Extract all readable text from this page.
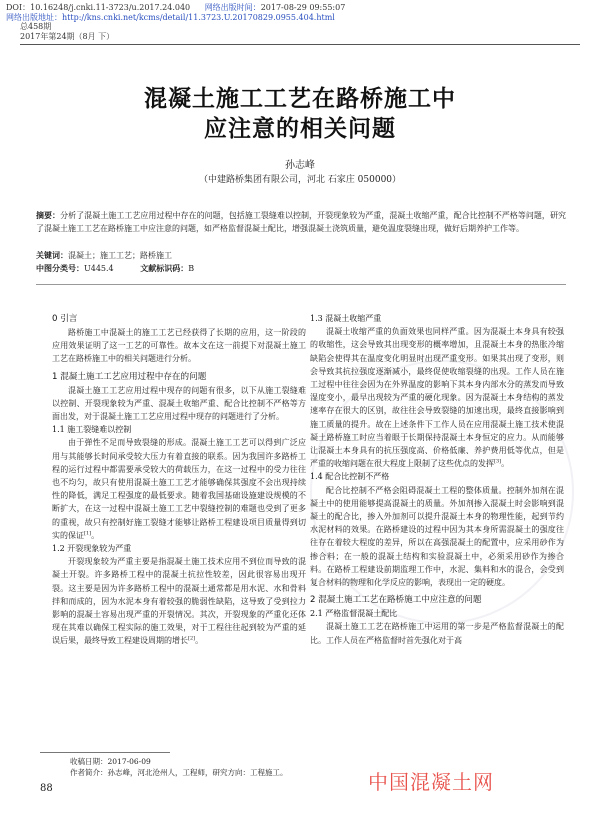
DOI：10.16248/j.cnki.11-3723/u.2017.24.040 网络出版时间：2017-08-29 09:55:07
网络出版地址：http://kns.cnki.net/kcms/detail/11.3723.U.20170829.0955.404.html
总458期
2017年第24期（8月 下）
混凝土施工工艺在路桥施工中
应注意的相关问题
孙志峰
（中建路桥集团有限公司，河北 石家庄 050000）
摘要：分析了混凝土施工工艺应用过程中存在的问题，包括施工裂缝难以控制，开裂现象较为严重，混凝土收缩严重，配合比控制不严格等问题，研究了混凝土施工工艺在路桥施工中应注意的问题，如严格监督混凝土配比，增强混凝土浇筑质量，避免温度裂缝出现，做好后期养护工作等。
关键词：混凝土；施工工艺；路桥施工
中图分类号：U445.4	文献标识码：B

0 引言

路桥施工中混凝土的施工工艺已经获得了长期的应用，这一阶段的应用效果证明了这一工艺的可靠性。故本文在这一前提下对混凝土施工工艺在路桥施工中的相关问题进行分析。

1 混凝土施工工艺应用过程中存在的问题

混凝土施工工艺应用过程中现存的问题有很多，以下从施工裂缝难以控制、开裂现象较为严重、混凝土收缩严重、配合比控制不严格等方面出发，对于混凝土施工工艺应用过程中现存的问题进行了分析。

1.1 施工裂缝难以控制

由于弹性不足而导致裂缝的形成。混凝土施工工艺可以得到广泛应用与其能够长时间承受较大压力有着直接的联系。因为我国许多路桥工程的运行过程中都需要承受较大的荷载压力，在这一过程中的受力往往也不均匀，故只有使用混凝土施工工艺才能够确保其强度不会出现持续性的降低，满足工程强度的最低要求。随着我国基础设施建设规模的不断扩大，在这一过程中混凝土施工工艺中裂缝控制的难题也受到了更多的重视，故只有控制好施工裂缝才能够让路桥工程建设项目质量得到切实的保证[1]。

1.2 开裂现象较为严重

开裂现象较为严重主要是指混凝土施工技术应用不到位而导致的混凝土开裂。许多路桥工程中的混凝土抗拉性较差，因此很容易出现开裂。这主要是因为许多路桥工程中的混凝土通常都是用水泥、水和骨料拌和而成的，因为水泥本身有着较强的脆弱性缺陷，这导致了受到拉力影响的混凝土容易出现严重的开裂情况。其次，开裂现象的严重化还体现在其难以确保工程实际的施工效果，对于工程往往起到较为严重的延误后果，最终导致工程建设周期的增长[2]。

1.3 混凝土收缩严重

混凝土收缩严重的负面效果也同样严重。因为混凝土本身具有较强的收缩性，这会导致其出现变形的概率增加，且混凝土本身的热胀冷缩缺陷会使得其在温度变化明显时出现严重变形。如果其出现了变形，则会导致其抗拉强度逐渐减小，最终促使收缩裂缝的出现。工作人员在施工过程中往往会因为在外界温度的影响下其本身内部水分的蒸发而导致湿度变小，最早出现较为严重的硬化现象。因为混凝土本身结构的蒸发速率存在很大的区别，故往往会导致裂缝的加速出现，最终直接影响到施工质量的提升。故在上述条件下工作人员在应用混凝土施工技术使混凝土路桥施工时应当着眼于长期保持混凝土本身恒定的应力。从而能够让混凝土本身具有的抗压强度高、价格低廉、养护费用低等优点，但是严重的收缩问题在很大程度上限制了这些优点的发挥[3]。

1.4 配合比控制不严格

配合比控制不严格会阻碍混凝土工程的整体质量。控制外加剂在混凝土中的使用能够提高混凝土的质量。外加剂掺入混凝土时会影响到混凝土的配合比，掺入外加剂可以提升混凝土本身的物理性能，起到节约水泥材料的效果。在路桥建设的过程中因为其本身所需混凝土的强度往往存在着较大程度的差异，所以在高强混凝土的配置中，应采用砂作为掺合料；在一般的混凝土结构和实验混凝土中，必须采用砂作为掺合料。在路桥工程建设前期监理工作中，水泥、集料和水的混合，会受到复合材料的物理和化学反应的影响，表现出一定的硬度。

2 混凝土施工工艺在路桥施工中应注意的问题

2.1 严格监督混凝土配比

混凝土施工工艺在路桥施工中运用的第一步是严格监督混凝土的配比。工作人员在严格监督时首先强化对于高

收稿日期：2017-06-09
作者简介：孙志峰，河北沧州人，工程师，研究方向：工程施工。
88	中国混凝土网
